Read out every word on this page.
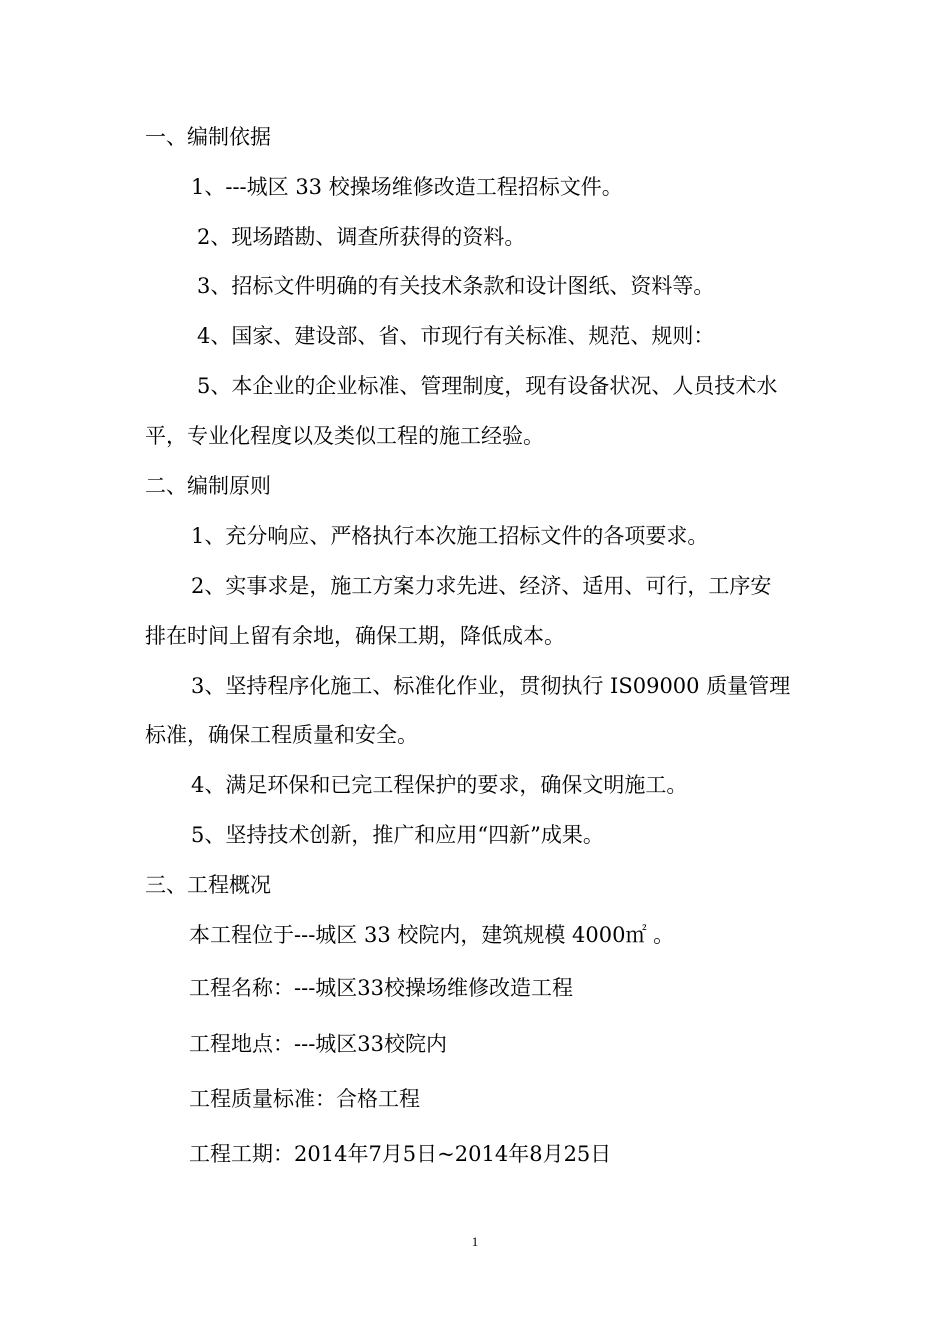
一、编制依据
1、---城区 33 校操场维修改造工程招标文件。
2、现场踏勘、调查所获得的资料。
3、招标文件明确的有关技术条款和设计图纸、资料等。
4、国家、建设部、省、市现行有关标准、规范、规则：
5、本企业的企业标准、管理制度，现有设备状况、人员技术水
平，专业化程度以及类似工程的施工经验。
二、编制原则
1、充分响应、严格执行本次施工招标文件的各项要求。
2、实事求是，施工方案力求先进、经济、适用、可行，工序安
排在时间上留有余地，确保工期，降低成本。
3、坚持程序化施工、标准化作业，贯彻执行 IS09000 质量管理
标准，确保工程质量和安全。
4、满足环保和已完工程保护的要求，确保文明施工。
5、坚持技术创新，推广和应用“四新”成果。
三、工程概况
本工程位于---城区 33 校院内，建筑规模 4000㎡ 。
工程名称：---城区33校操场维修改造工程
工程地点：---城区33校院内
工程质量标准：合格工程
工程工期：2014年7月5日~2014年8月25日
1
